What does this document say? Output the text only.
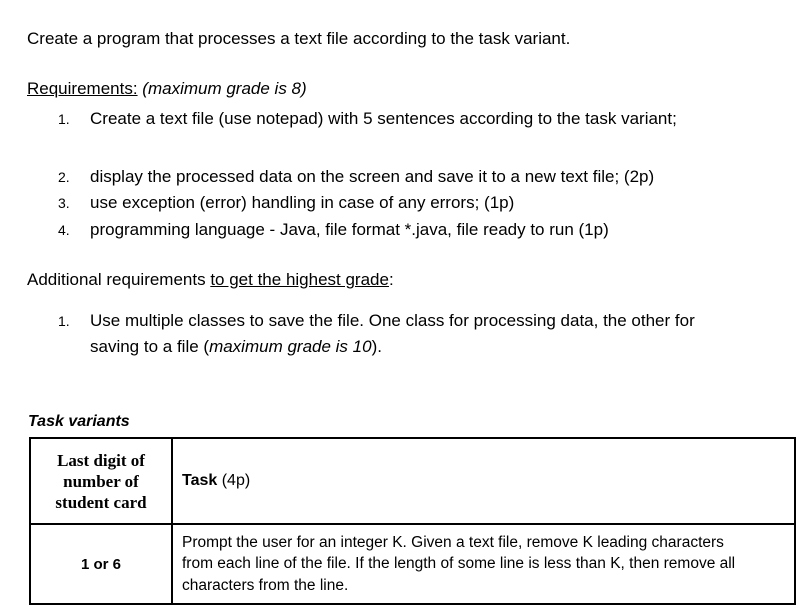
Create a program that processes a text file according to the task variant.
Requirements: (maximum grade is 8)
1. Create a text file (use notepad) with 5 sentences according to the task variant;
2. display the processed data on the screen and save it to a new text file; (2p)
3. use exception (error) handling in case of any errors; (1p)
4. programming language - Java, file format *.java, file ready to run (1p)
Additional requirements to get the highest grade:
1. Use multiple classes to save the file. One class for processing data, the other for
saving to a file (maximum grade is 10).
Task variants
Last digit of
number of
student card	Task (4p)
1 or 6	Prompt the user for an integer K. Given a text file, remove K leading characters
from each line of the file. If the length of some line is less than K, then remove all
characters from the line.
